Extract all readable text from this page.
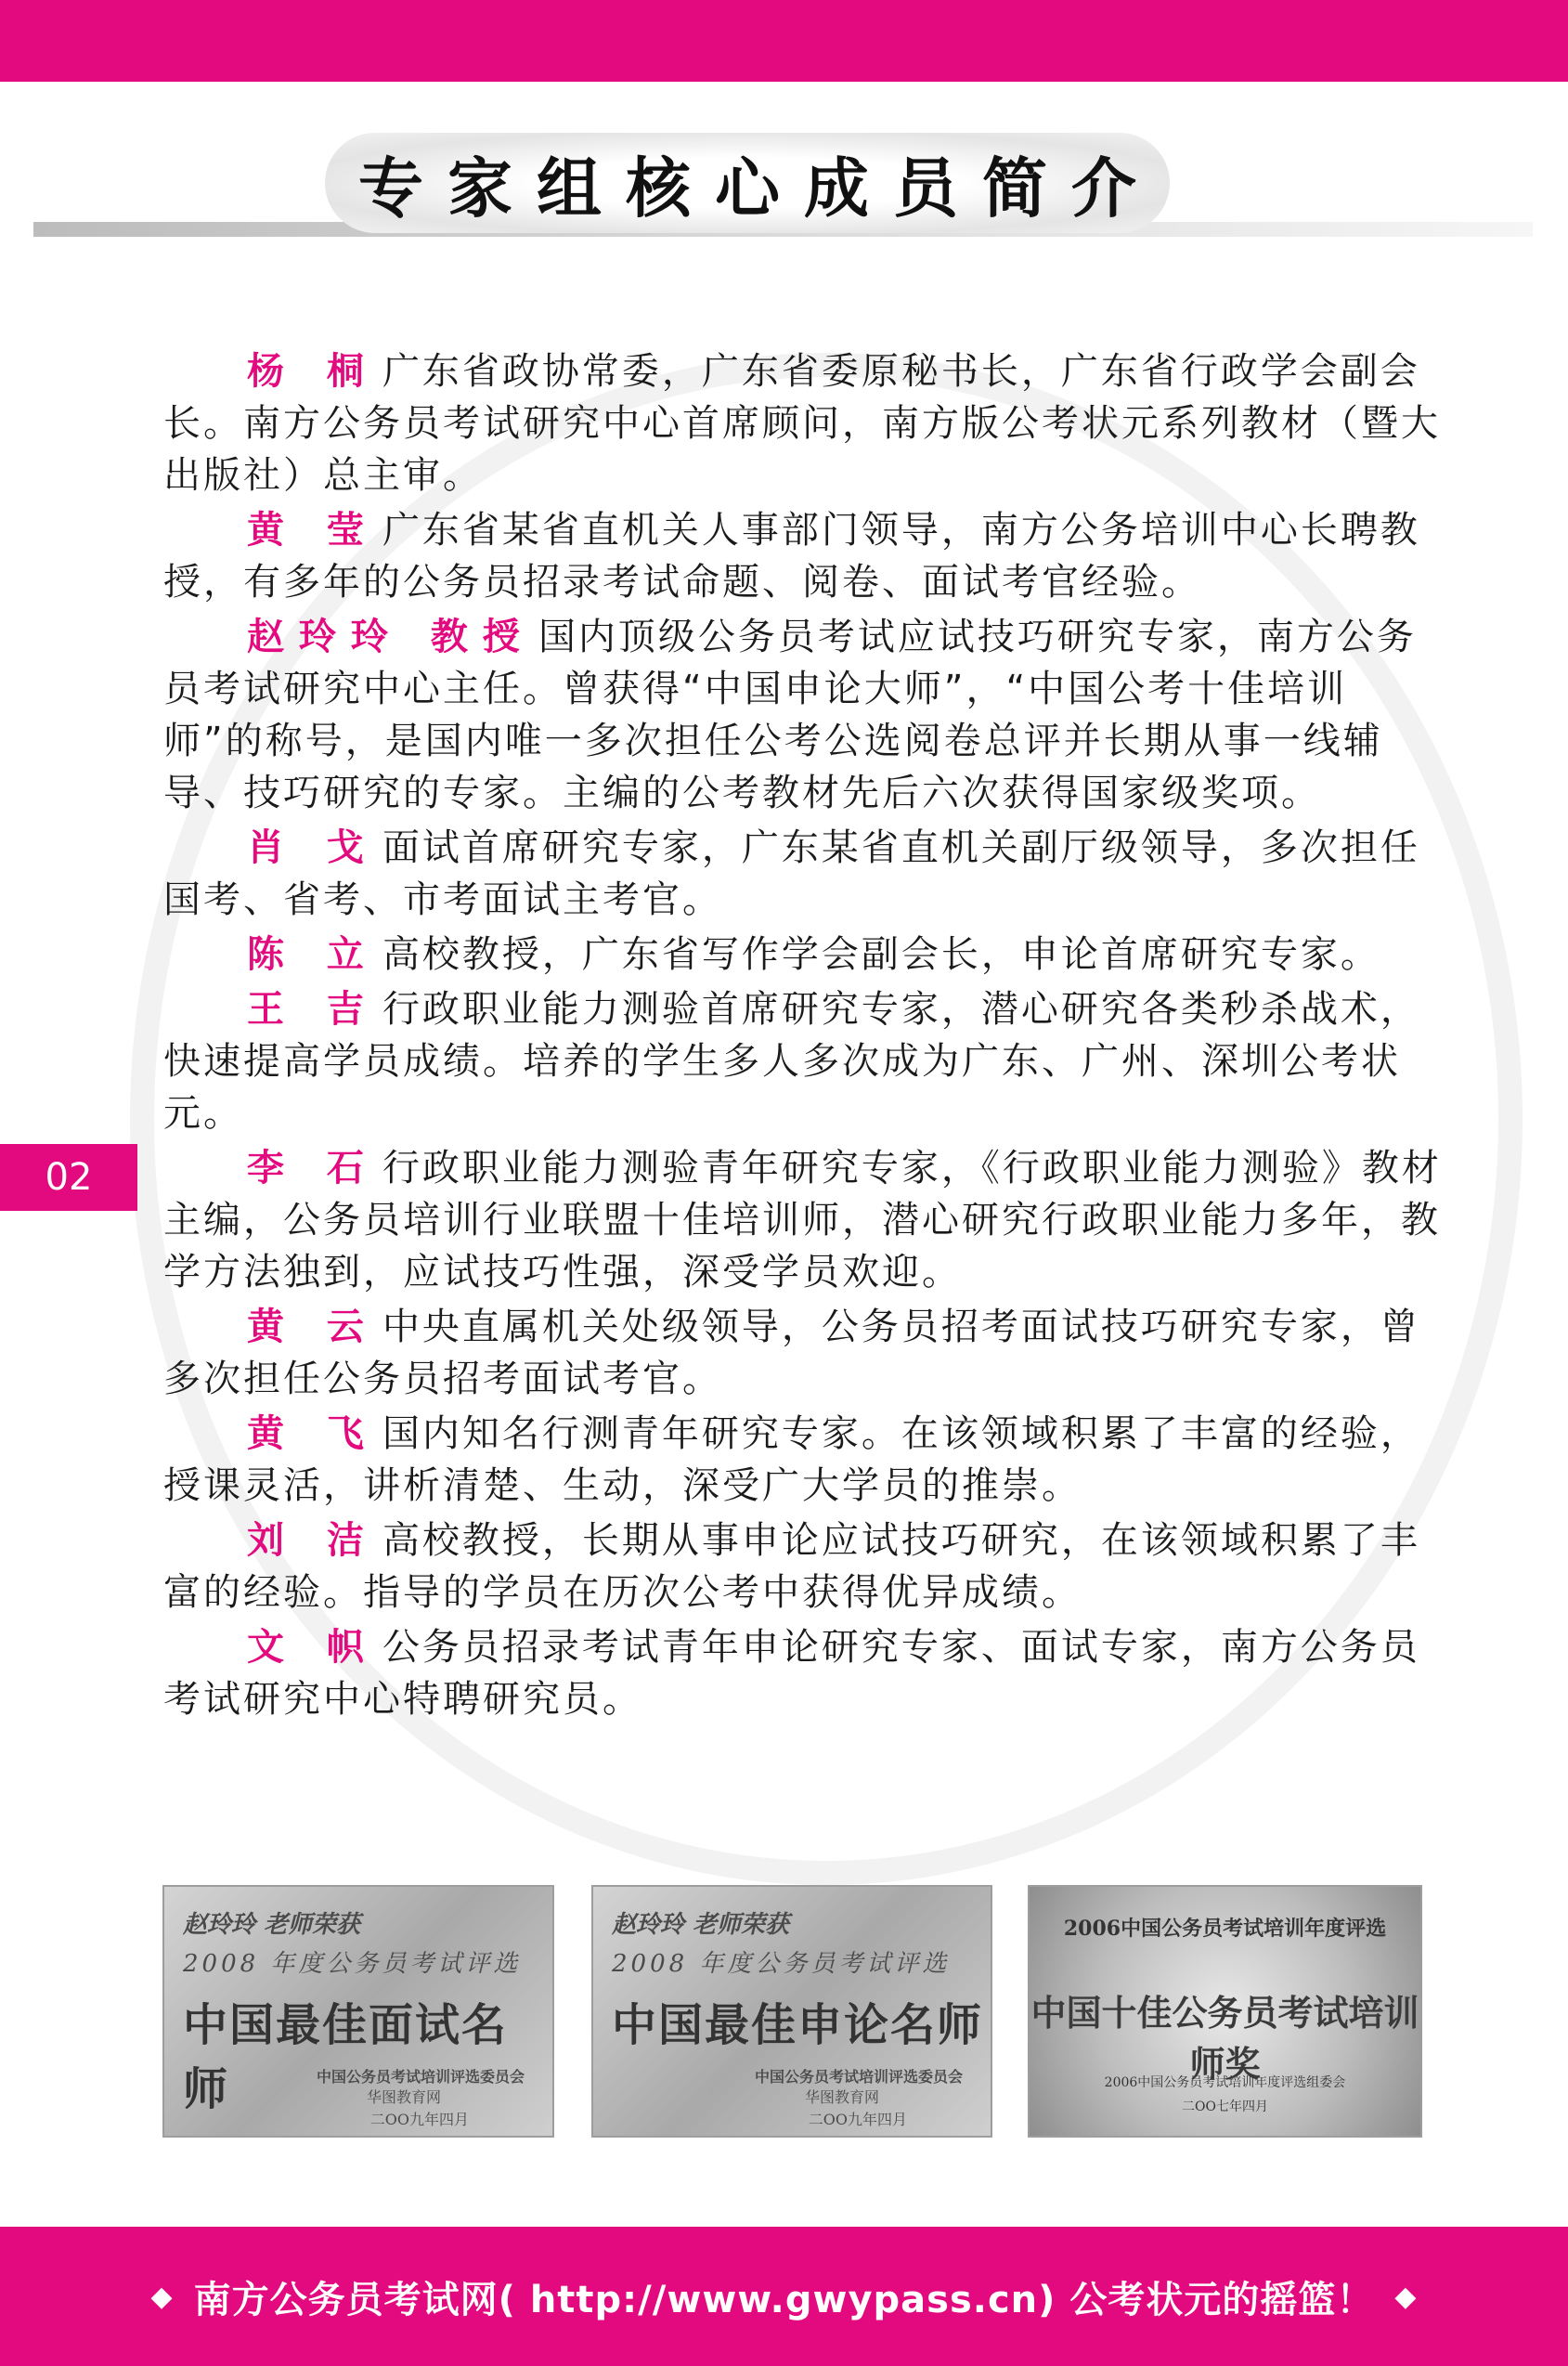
专家组核心成员简介
02

杨 桐 广东省政协常委，广东省委原秘书长，广东省行政学会副会长。南方公务员考试研究中心首席顾问，南方版公考状元系列教材（暨大出版社）总主审。

黄 莹 广东省某省直机关人事部门领导，南方公务培训中心长聘教授，有多年的公务员招录考试命题、阅卷、面试考官经验。

赵玲玲 教授 国内顶级公务员考试应试技巧研究专家，南方公务员考试研究中心主任。曾获得“中国申论大师”，“中国公考十佳培训师”的称号，是国内唯一多次担任公考公选阅卷总评并长期从事一线辅导、技巧研究的专家。主编的公考教材先后六次获得国家级奖项。

肖 戈 面试首席研究专家，广东某省直机关副厅级领导，多次担任国考、省考、市考面试主考官。

陈 立 高校教授，广东省写作学会副会长，申论首席研究专家。

王 吉 行政职业能力测验首席研究专家，潜心研究各类秒杀战术，快速提高学员成绩。培养的学生多人多次成为广东、广州、深圳公考状元。

李 石 行政职业能力测验青年研究专家，《行政职业能力测验》教材主编，公务员培训行业联盟十佳培训师，潜心研究行政职业能力多年，教学方法独到，应试技巧性强，深受学员欢迎。

黄 云 中央直属机关处级领导，公务员招考面试技巧研究专家，曾多次担任公务员招考面试考官。

黄 飞 国内知名行测青年研究专家。在该领域积累了丰富的经验，授课灵活，讲析清楚、生动，深受广大学员的推崇。

刘 洁 高校教授，长期从事申论应试技巧研究，在该领域积累了丰富的经验。指导的学员在历次公考中获得优异成绩。

文 帜 公务员招录考试青年申论研究专家、面试专家，南方公务员考试研究中心特聘研究员。

赵玲玲 老师荣获
2008 年度公务员考试评选
中国最佳面试名师	中国公务员考试培训评选委员会
华图教育网
二OO九年四月
赵玲玲 老师荣获
2008 年度公务员考试评选
中国最佳申论名师
中国公务员考试培训评选委员会
华图教育网
二OO九年四月
2006中国公务员考试培训年度评选
中国十佳公务员考试培训师奖
2006中国公务员考试培训年度评选组委会
二OO七年四月
◆ 南方公务员考试网( http://www.gwypass.cn) 公考状元的摇篮！ ◆
